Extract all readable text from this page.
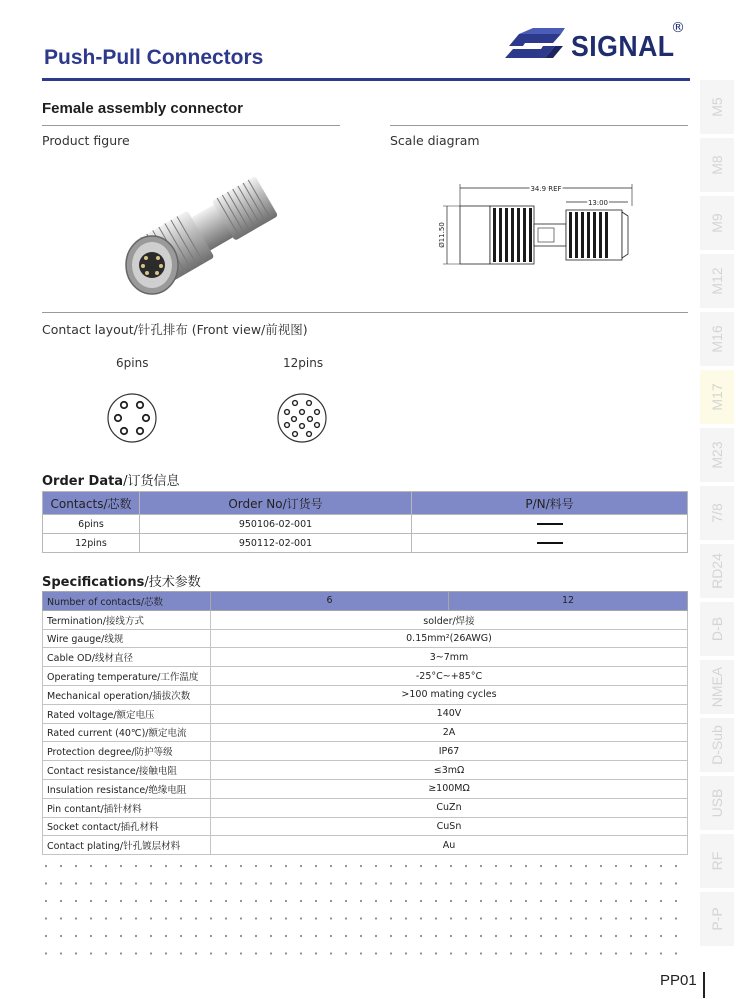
Push-Pull Connectors	SIGNAL
®
M5
M8
M9
M12
M16
M17
M23
7/8
RD24
D-B
NMEA
D-Sub
USB
RF
P-P
Female assembly connector
Product figure	Scale diagram
34.9 REF
13.00
Ø11.50
Contact layout/针孔排布 (Front view/前视图)
6pins	12pins
Order Data/订货信息
Contacts/芯数	Order No/订货号	P/N/料号
6pins	950106-02-001	
12pins	950112-02-001	
Specifications/技术参数
Number of contacts/芯数	6	12
Termination/接线方式	solder/焊接	
Wire gauge/线规	0.15mm²(26AWG)	
Cable OD/线材直径	3~7mm	
Operating temperature/工作温度	-25°C~+85°C	
Mechanical operation/插拔次数	>100 mating cycles	
Rated voltage/额定电压	140V	
Rated current (40℃)/额定电流	2A	
Protection degree/防护等级	IP67	
Contact resistance/接触电阻	≤3mΩ	
Insulation resistance/绝缘电阻	≥100MΩ	
Pin contant/插针材料	CuZn	
Socket contact/插孔材料	CuSn	
Contact plating/针孔镀层材料	Au	
PP01
